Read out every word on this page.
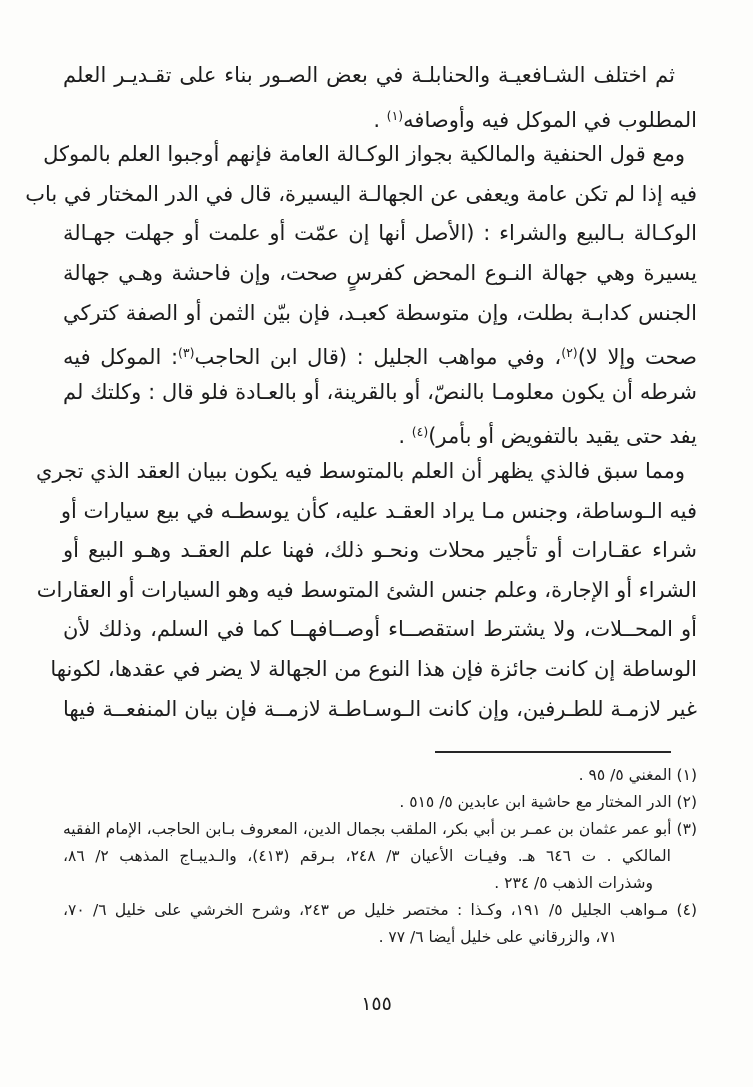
ثم اختلف الشـافعيـة والحنابلـة في بعض الصـور بناء على تقـديـر العلم
المطلوب في الموكل فيه وأوصافه$^{(١)}$ .
ومع قول الحنفية والمالكية بجواز الوكـالة العامة فإنهم أوجبوا العلم بالموكل
فيه إذا لم تكن عامة ويعفى عن الجهالـة اليسيرة، قال في الدر المختار في باب
الوكـالة بـالبيع والشراء : (الأصل أنها إن عمّت أو علمت أو جهلت جهـالة
يسيرة وهي جهالة النـوع المحض كفرسٍ صحت، وإن فاحشة وهـي جهالة
الجنس كدابـة بطلت، وإن متوسطة كعبـد، فإن بيّن الثمن أو الصفة كتركي
صحت وإلا لا)$^{(٢)}$، وفي مواهب الجليل : (قال ابن الحاجب$^{(٣)}$: الموكل فيه
شرطه أن يكون معلومـا بالنصّ، أو بالقرينة، أو بالعـادة فلو قال : وكلتك لم
يفد حتى يقيد بالتفويض أو بأمر)$^{(٤)}$ .
ومما سبق فالذي يظهر أن العلم بالمتوسط فيه يكون ببيان العقد الذي تجري
فيه الـوساطة، وجنس مـا يراد العقـد عليه، كأن يوسطـه في بيع سيارات أو
شراء عقـارات أو تأجير محلات ونحـو ذلك، فهنا علم العقـد وهـو البيع أو
الشراء أو الإجارة، وعلم جنس الشئ المتوسط فيه وهو السيارات أو العقارات
أو المحــلات، ولا يشترط استقصــاء أوصــافهــا كما في السلم، وذلك لأن
الوساطة إن كانت جائزة فإن هذا النوع من الجهالة لا يضر في عقدها، لكونها
غير لازمـة للطـرفين، وإن كانت الـوسـاطـة لازمــة فإن بيان المنفعــة فيها
(١) المغني ٥/ ٩٥ .
(٢) الدر المختار مع حاشية ابن عابدين ٥/ ٥١٥ .
(٣) أبو عمر عثمان بن عمـر بن أبي بكر، الملقب بجمال الدين، المعروف بـابن الحاجب، الإمام الفقيه
المالكي . ت ٦٤٦ هـ. وفيـات الأعيان ٣/ ٢٤٨، بـرقم (٤١٣)، والـديبـاج المذهب ٢/ ٨٦،
وشذرات الذهب ٥/ ٢٣٤ .
(٤) مـواهب الجليل ٥/ ١٩١، وكـذا : مختصر خليل ص ٢٤٣، وشرح الخرشي على خليل ٦/ ٧٠،
٧١، والزرقاني على خليل أيضا ٦/ ٧٧ .
١٥٥
